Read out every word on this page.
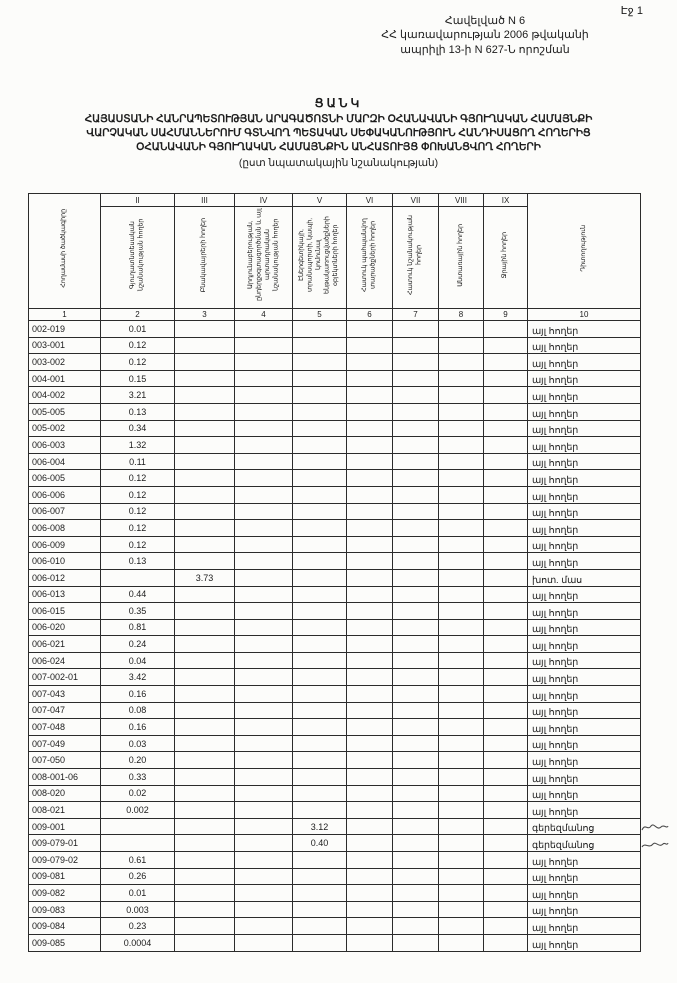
Էջ 1
Հավելված N 6
ՀՀ կառավարության 2006 թվականի
ապրիլի 13-ի N 627-Ն որոշման
ՑԱՆԿ
ՀԱՅԱՍՏԱՆԻ ՀԱՆՐԱՊԵՏՈՒԹՅԱՆ ԱՐԱԳԱԾՈՏՆԻ ՄԱՐԶԻ ՕՀԱՆԱՎԱՆԻ ԳՅՈՒՂԱԿԱՆ ՀԱՄԱՅՆՔԻ
ՎԱՐՉԱԿԱՆ ՍԱՀՄԱՆՆԵՐՈՒՄ ԳՏՆՎՈՂ ՊԵՏԱԿԱՆ ՍԵՓԱԿԱՆՈՒԹՅՈՒՆ ՀԱՆԴԻՍԱՑՈՂ ՀՈՂԵՐԻՑ
ՕՀԱՆԱՎԱՆԻ ԳՅՈՒՂԱԿԱՆ ՀԱՄԱՅՆՔԻՆ ԱՆՀԱՏՈՒՅՑ ՓՈԽԱՆՑՎՈՂ ՀՈՂԵՐԻ
(ըստ նպատակային նշանակության)
Հողամասի ծածկագիրը	II	III	IV	V	VI	VII	VIII	IX	Դիտողություն
	Գյուղատնտեսական նշանակության հողեր	Բնակավայրերի հողեր	Արդյունաբերության, ընդերքօգտագործման և այլ արտադրական նշանակության հողեր	Էներգետիկայի, տրանսպորտի, կապի, կոմունալ ենթակառուցվածքների օբյեկտների հողեր	Հատուկ պահպանվող տարածքների հողեր	Հատուկ նշանակության հողեր	Անտառային հողեր	Ջրային հողեր	
1	2	3	4	5	6	7	8	9	10
002-019	0.01								այլ հողեր
003-001	0.12								այլ հողեր
003-002	0.12								այլ հողեր
004-001	0.15								այլ հողեր
004-002	3.21								այլ հողեր
005-005	0.13								այլ հողեր
005-002	0.34								այլ հողեր
006-003	1.32								այլ հողեր
006-004	0.11								այլ հողեր
006-005	0.12								այլ հողեր
006-006	0.12								այլ հողեր
006-007	0.12								այլ հողեր
006-008	0.12								այլ հողեր
006-009	0.12								այլ հողեր
006-010	0.13								այլ հողեր
006-012		3.73							խոտ. մաս
006-013	0.44								այլ հողեր
006-015	0.35								այլ հողեր
006-020	0.81								այլ հողեր
006-021	0.24								այլ հողեր
006-024	0.04								այլ հողեր
007-002-01	3.42								այլ հողեր
007-043	0.16								այլ հողեր
007-047	0.08								այլ հողեր
007-048	0.16								այլ հողեր
007-049	0.03								այլ հողեր
007-050	0.20								այլ հողեր
008-001-06	0.33								այլ հողեր
008-020	0.02								այլ հողեր
008-021	0.002								այլ հողեր
009-001				3.12					գերեզմանոց
009-079-01				0.40					գերեզմանոց
009-079-02	0.61								այլ հողեր
009-081	0.26								այլ հողեր
009-082	0.01								այլ հողեր
009-083	0.003								այլ հողեր
009-084	0.23								այլ հողեր
009-085	0.0004								այլ հողեր
